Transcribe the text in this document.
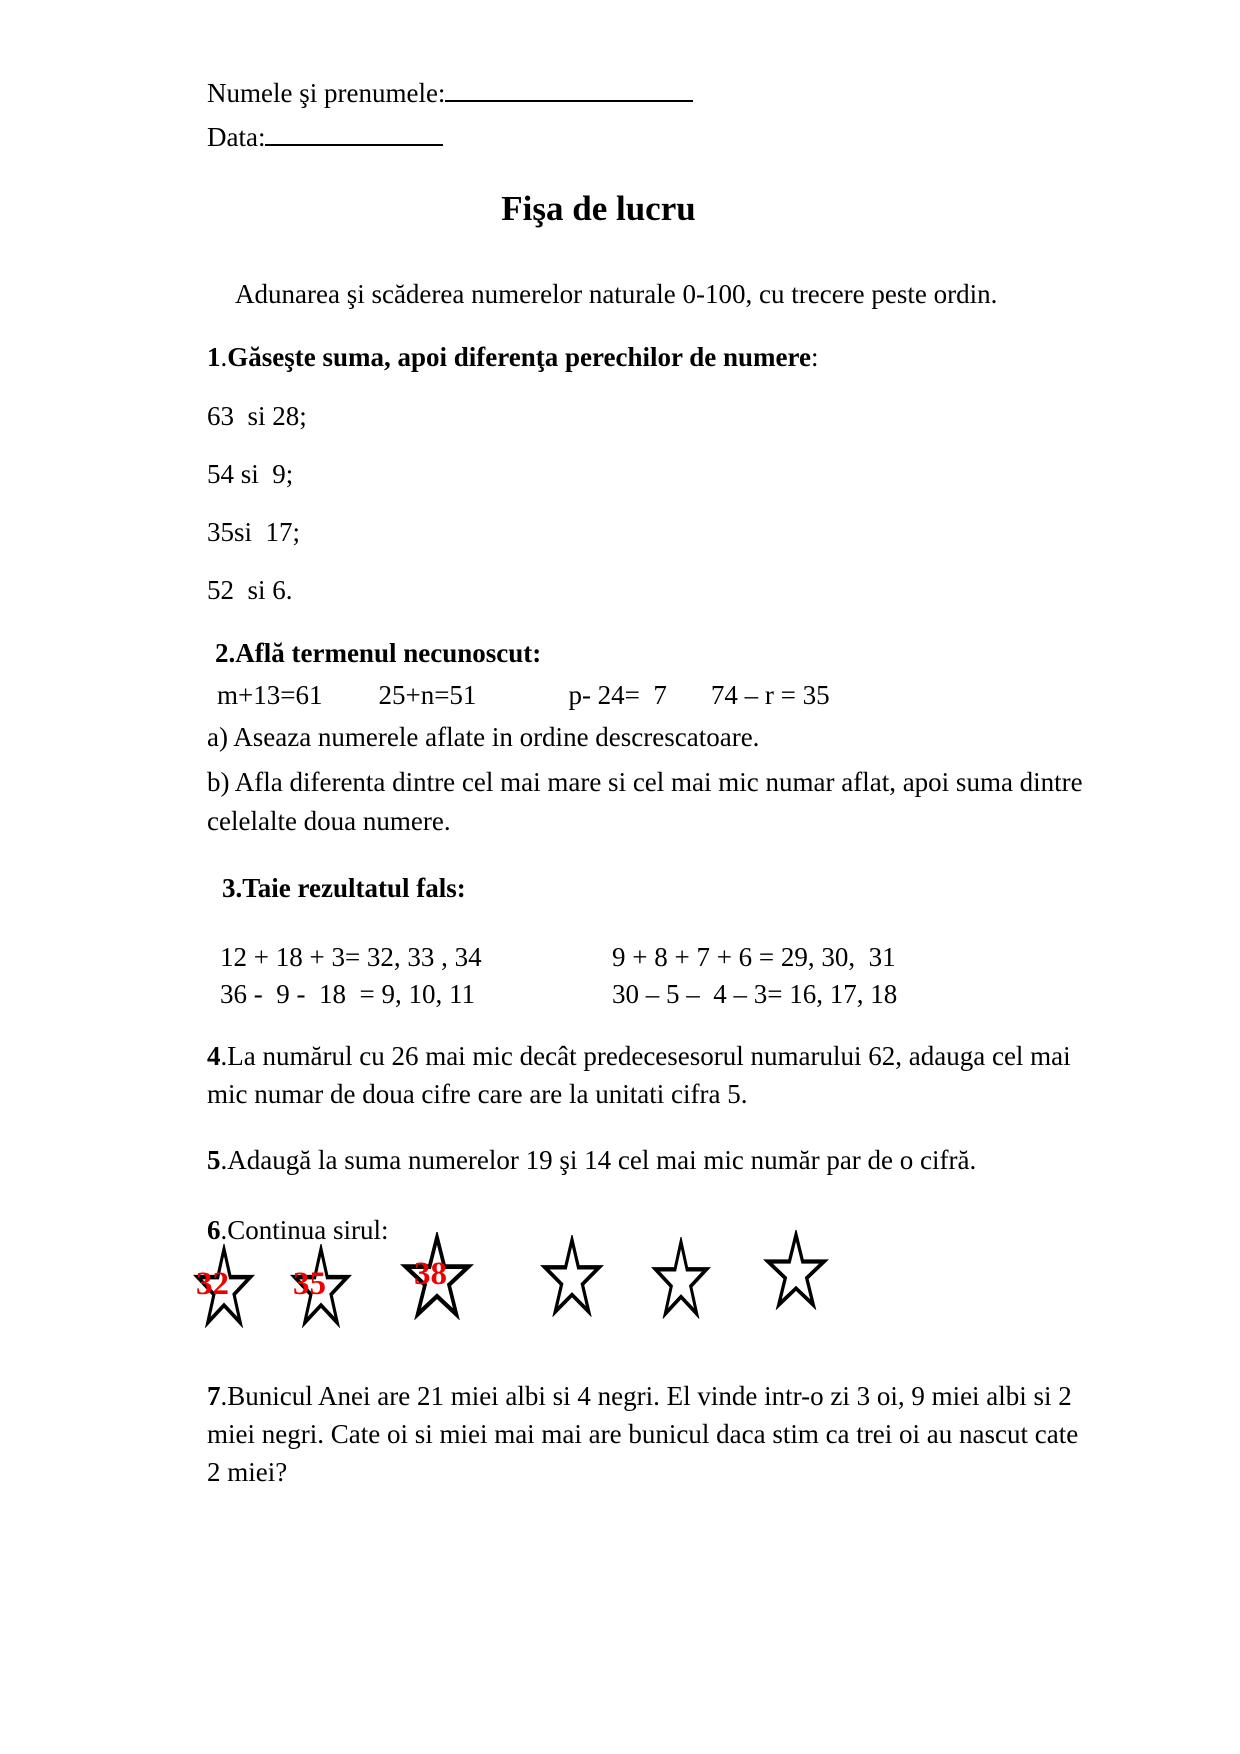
Numele şi prenumele:
Data:
Fişa de lucru
Adunarea şi scăderea numerelor naturale 0-100, cu trecere peste ordin.
1.Găseşte suma, apoi diferenţa perechilor de numere:
63  si 28;
54 si  9;
35si  17;
52  si 6.
2.Află termenul necunoscut:
m+13=61 25+n=51	p- 24=  7 74 – r = 35
a) Aseaza numerele aflate in ordine descrescatoare.
b) Afla diferenta dintre cel mai mare si cel mai mic numar aflat, apoi suma dintre celelalte doua numere.
3.Taie rezultatul fals:
12 + 18 + 3= 32, 33 , 34	9 + 8 + 7 + 6 = 29, 30,  31
36 -  9 -  18  = 9, 10, 11	30 – 5 –  4 – 3= 16, 17, 18
4.La numărul cu 26 mai mic decât predecesesorul numarului 62, adauga cel mai mic numar de doua cifre care are la unitati cifra 5.
5.Adaugă la suma numerelor 19 şi 14 cel mai mic număr par de o cifră.
6.Continua sirul:
32 35	38
7.Bunicul Anei are 21 miei albi si 4 negri. El vinde intr-o zi 3 oi, 9 miei albi si 2 miei negri. Cate oi si miei mai mai are bunicul daca stim ca trei oi au nascut cate 2 miei?
